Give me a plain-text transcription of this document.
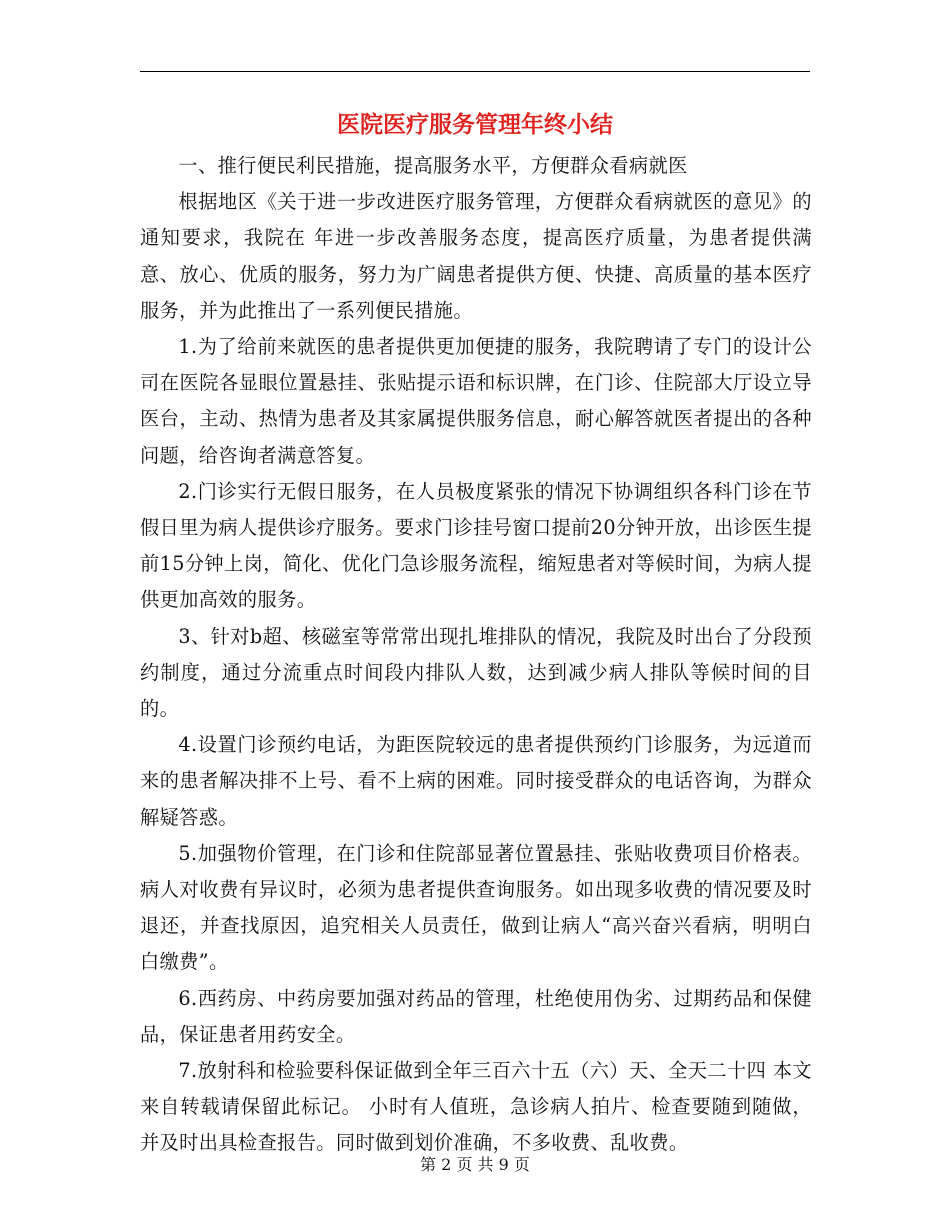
医院医疗服务管理年终小结

一、推行便民利民措施，提高服务水平，方便群众看病就医

根据地区《关于进一步改进医疗服务管理，方便群众看病就医的意见》的通知要求，我院在 年进一步改善服务态度，提高医疗质量，为患者提供满意、放心、优质的服务，努力为广阔患者提供方便、快捷、高质量的基本医疗服务，并为此推出了一系列便民措施。

1.为了给前来就医的患者提供更加便捷的服务，我院聘请了专门的设计公司在医院各显眼位置悬挂、张贴提示语和标识牌，在门诊、住院部大厅设立导医台，主动、热情为患者及其家属提供服务信息，耐心解答就医者提出的各种问题，给咨询者满意答复。

2.门诊实行无假日服务，在人员极度紧张的情况下协调组织各科门诊在节假日里为病人提供诊疗服务。要求门诊挂号窗口提前20分钟开放，出诊医生提前15分钟上岗，简化、优化门急诊服务流程，缩短患者对等候时间，为病人提供更加高效的服务。

3、针对b超、核磁室等常常出现扎堆排队的情况，我院及时出台了分段预约制度，通过分流重点时间段内排队人数，达到减少病人排队等候时间的目的。

4.设置门诊预约电话，为距医院较远的患者提供预约门诊服务，为远道而来的患者解决排不上号、看不上病的困难。同时接受群众的电话咨询，为群众解疑答惑。

5.加强物价管理，在门诊和住院部显著位置悬挂、张贴收费项目价格表。病人对收费有异议时，必须为患者提供查询服务。如出现多收费的情况要及时退还，并查找原因，追究相关人员责任，做到让病人“高兴奋兴看病，明明白白缴费”。

6.西药房、中药房要加强对药品的管理，杜绝使用伪劣、过期药品和保健品，保证患者用药安全。

7.放射科和检验要科保证做到全年三百六十五（六）天、全天二十四 本文来自转载请保留此标记。 小时有人值班，急诊病人拍片、检查要随到随做，并及时出具检查报告。同时做到划价准确，不多收费、乱收费。

第 2 页 共 9 页
